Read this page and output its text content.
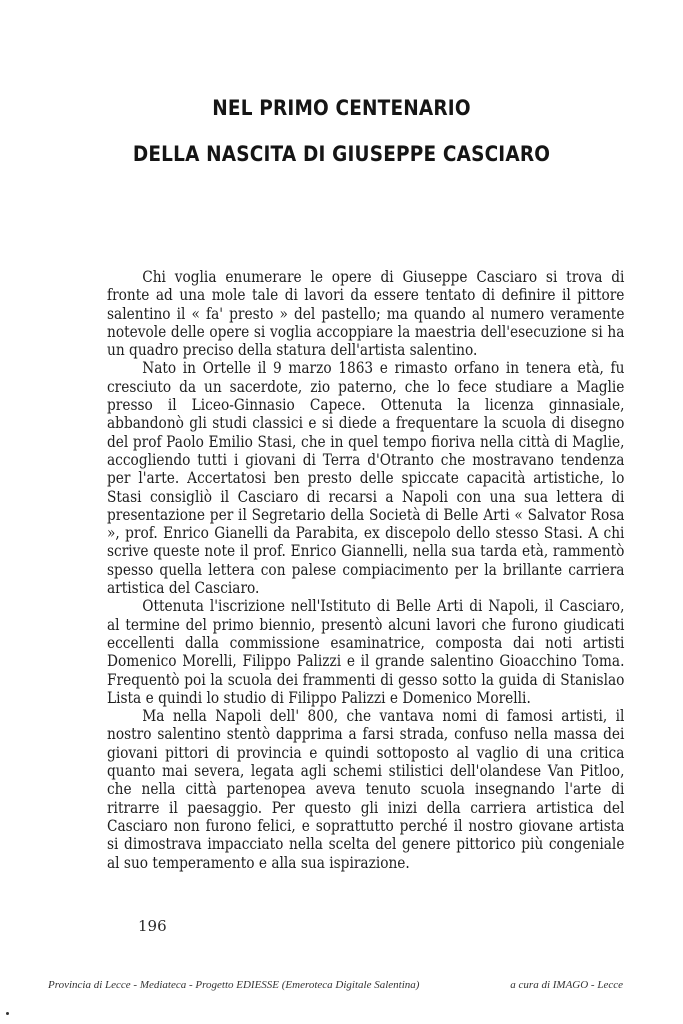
NEL PRIMO CENTENARIO
DELLA NASCITA DI GIUSEPPE CASCIARO

Chi voglia enumerare le opere di Giuseppe Casciaro si trova di fronte ad una mole tale di lavori da essere tentato di definire il pittore salentino il « fa' presto » del pastello; ma quando al numero veramente notevole delle opere si voglia accoppiare la maestria dell'esecuzione si ha un quadro preciso della statura dell'artista salentino.

Nato in Ortelle il 9 marzo 1863 e rimasto orfano in tenera età, fu cresciuto da un sacerdote, zio paterno, che lo fece studiare a Maglie presso il Liceo-Ginnasio Capece. Ottenuta la licenza ginnasiale, abbandonò gli studi classici e si diede a frequentare la scuola di disegno del prof Paolo Emilio Stasi, che in quel tempo fioriva nella città di Maglie, accogliendo tutti i giovani di Terra d'Otranto che mostravano tendenza per l'arte. Accertatosi ben presto delle spiccate capacità artistiche, lo Stasi consigliò il Casciaro di recarsi a Napoli con una sua lettera di presentazione per il Segretario della Società di Belle Arti « Salvator Rosa », prof. Enrico Gianelli da Parabita, ex discepolo dello stesso Stasi. A chi scrive queste note il prof. Enrico Giannelli, nella sua tarda età, rammentò spesso quella lettera con palese compiacimento per la brillante carriera artistica del Casciaro.

Ottenuta l'iscrizione nell'Istituto di Belle Arti di Napoli, il Casciaro, al termine del primo biennio, presentò alcuni lavori che furono giudicati eccellenti dalla commissione esaminatrice, composta dai noti artisti Domenico Morelli, Filippo Palizzi e il grande salentino Gioacchino Toma. Frequentò poi la scuola dei frammenti di gesso sotto la guida di Stanislao Lista e quindi lo studio di Filippo Palizzi e Domenico Morelli.

Ma nella Napoli dell' 800, che vantava nomi di famosi artisti, il nostro salentino stentò dapprima a farsi strada, confuso nella massa dei giovani pittori di provincia e quindi sottoposto al vaglio di una critica quanto mai severa, legata agli schemi stilistici dell'olandese Van Pitloo, che nella città partenopea aveva tenuto scuola insegnando l'arte di ritrarre il paesaggio. Per questo gli inizi della carriera artistica del Casciaro non furono felici, e soprattutto perché il nostro giovane artista si dimostrava impacciato nella scelta del genere pittorico più congeniale al suo temperamento e alla sua ispirazione.

196
Provincia di Lecce - Mediateca - Progetto EDIESSE (Emeroteca Digitale Salentina)	a cura di IMAGO - Lecce
